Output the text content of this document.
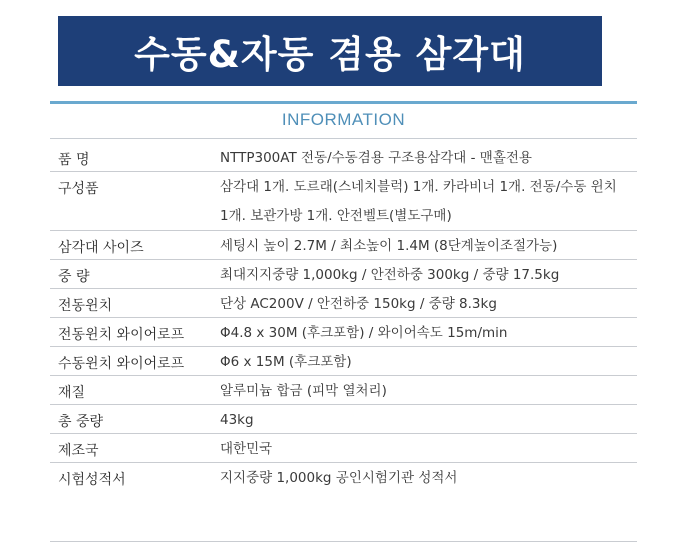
수동&자동 겸용 삼각대
INFORMATION
품 명	NTTP300AT 전동/수동겸용 구조용삼각대 - 맨홀전용
구성품	삼각대 1개. 도르래(스네치블럭) 1개. 카라비너 1개. 전동/수동 윈치 1개. 보관가방 1개. 안전벨트(별도구매)
삼각대 사이즈	세팅시 높이 2.7M / 최소높이 1.4M (8단계높이조절가능)
중 량	최대지지중량 1,000kg / 안전하중 300kg / 중량 17.5kg
전동윈치	단상 AC200V / 안전하중 150kg / 중량 8.3kg
전동윈치 와이어로프	Φ4.8 x 30M (후크포함) / 와이어속도 15m/min
수동윈치 와이어로프	Φ6 x 15M (후크포함)
재질	알루미늄 합금 (피막 열처리)
총 중량	43kg
제조국	대한민국
시험성적서	지지중량 1,000kg 공인시험기관 성적서
